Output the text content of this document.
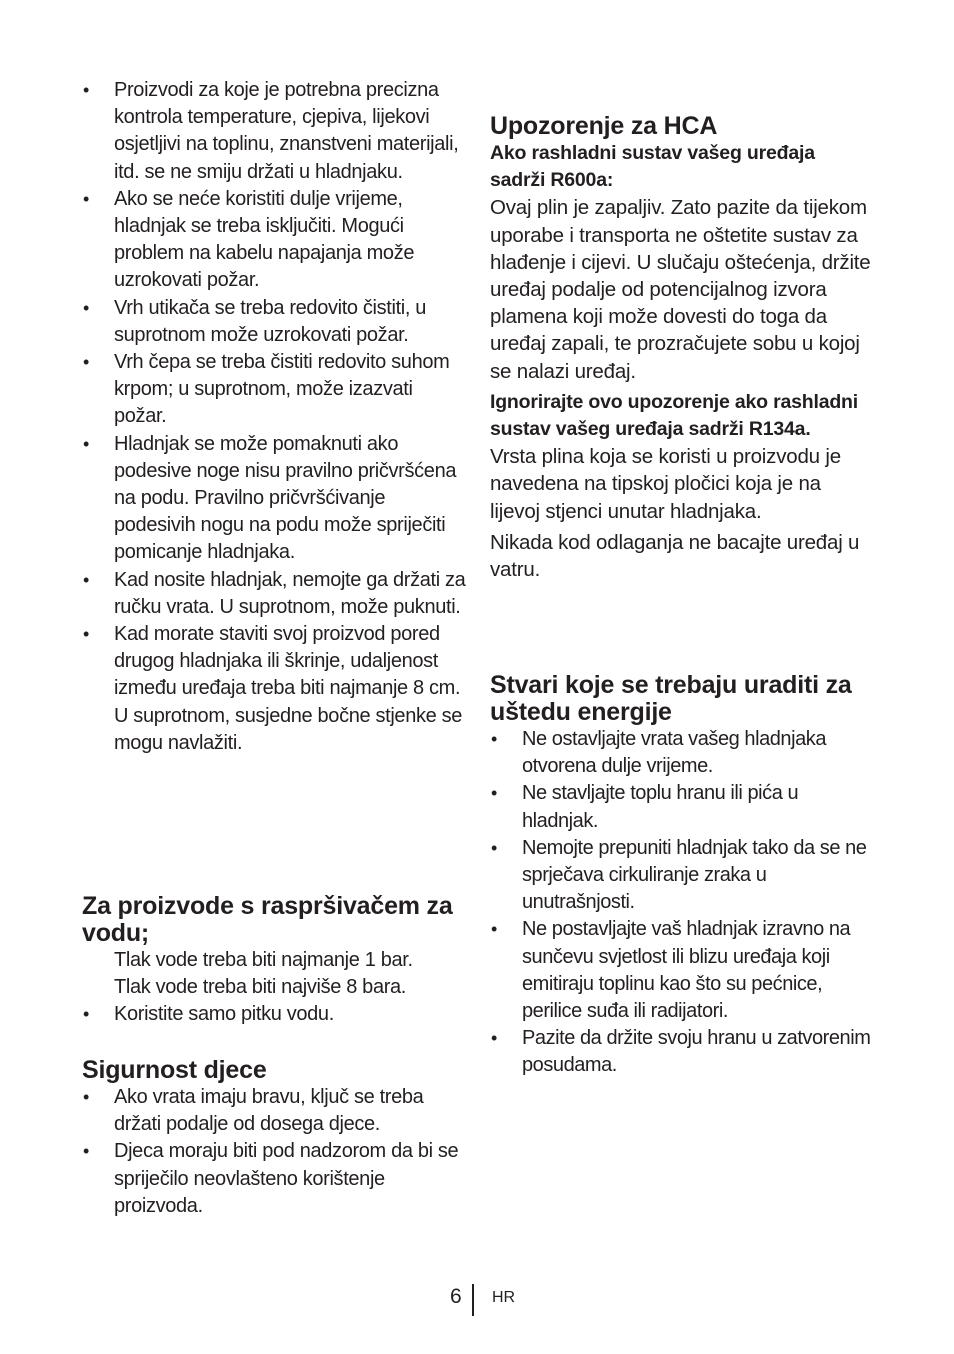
• Proizvodi za koje je potrebna precizna kontrola temperature, cjepiva, lijekovi osjetljivi na toplinu, znanstveni materijali, itd. se ne smiju držati u hladnjaku.
• Ako se neće koristiti dulje vrijeme, hladnjak se treba isključiti. Mogući problem na kabelu napajanja može uzrokovati požar.
• Vrh utikača se treba redovito čistiti, u suprotnom može uzrokovati požar.
• Vrh čepa se treba čistiti redovito suhom krpom; u suprotnom, može izazvati požar.
• Hladnjak se može pomaknuti ako podesive noge nisu pravilno pričvršćena na podu. Pravilno pričvršćivanje podesivih nogu na podu može spriječiti pomicanje hladnjaka.
• Kad nosite hladnjak, nemojte ga držati za ručku vrata. U suprotnom, može puknuti.
• Kad morate staviti svoj proizvod pored drugog hladnjaka ili škrinje, udaljenost između uređaja treba biti najmanje 8 cm. U suprotnom, susjedne bočne stjenke se mogu navlažiti.
Za proizvode s raspršivačem za vodu;
Tlak vode treba biti najmanje 1 bar.
Tlak vode treba biti najviše 8 bara.
• Koristite samo pitku vodu.
Sigurnost djece
• Ako vrata imaju bravu, ključ se treba držati podalje od dosega djece.
• Djeca moraju biti pod nadzorom da bi se spriječilo neovlašteno korištenje proizvoda.
Upozorenje za HCA

Ako rashladni sustav vašeg uređaja sadrži R600a:

Ovaj plin je zapaljiv. Zato pazite da tijekom uporabe i transporta ne oštetite sustav za hlađenje i cijevi. U slučaju oštećenja, držite uređaj podalje od potencijalnog izvora plamena koji može dovesti do toga da uređaj zapali, te prozračujete sobu u kojoj se nalazi uređaj.

Ignorirajte ovo upozorenje ako rashladni sustav vašeg uređaja sadrži R134a.

Vrsta plina koja se koristi u proizvodu je navedena na tipskoj pločici koja je na lijevoj stjenci unutar hladnjaka.

Nikada kod odlaganja ne bacajte uređaj u vatru.

Stvari koje se trebaju uraditi za uštedu energije
• Ne ostavljajte vrata vašeg hladnjaka otvorena dulje vrijeme.
• Ne stavljajte toplu hranu ili pića u hladnjak.
• Nemojte prepuniti hladnjak tako da se ne sprječava cirkuliranje zraka u unutrašnjosti.
• Ne postavljajte vaš hladnjak izravno na sunčevu svjetlost ili blizu uređaja koji emitiraju toplinu kao što su pećnice, perilice suđa ili radijatori.
• Pazite da držite svoju hranu u zatvorenim posudama.
6 HR
